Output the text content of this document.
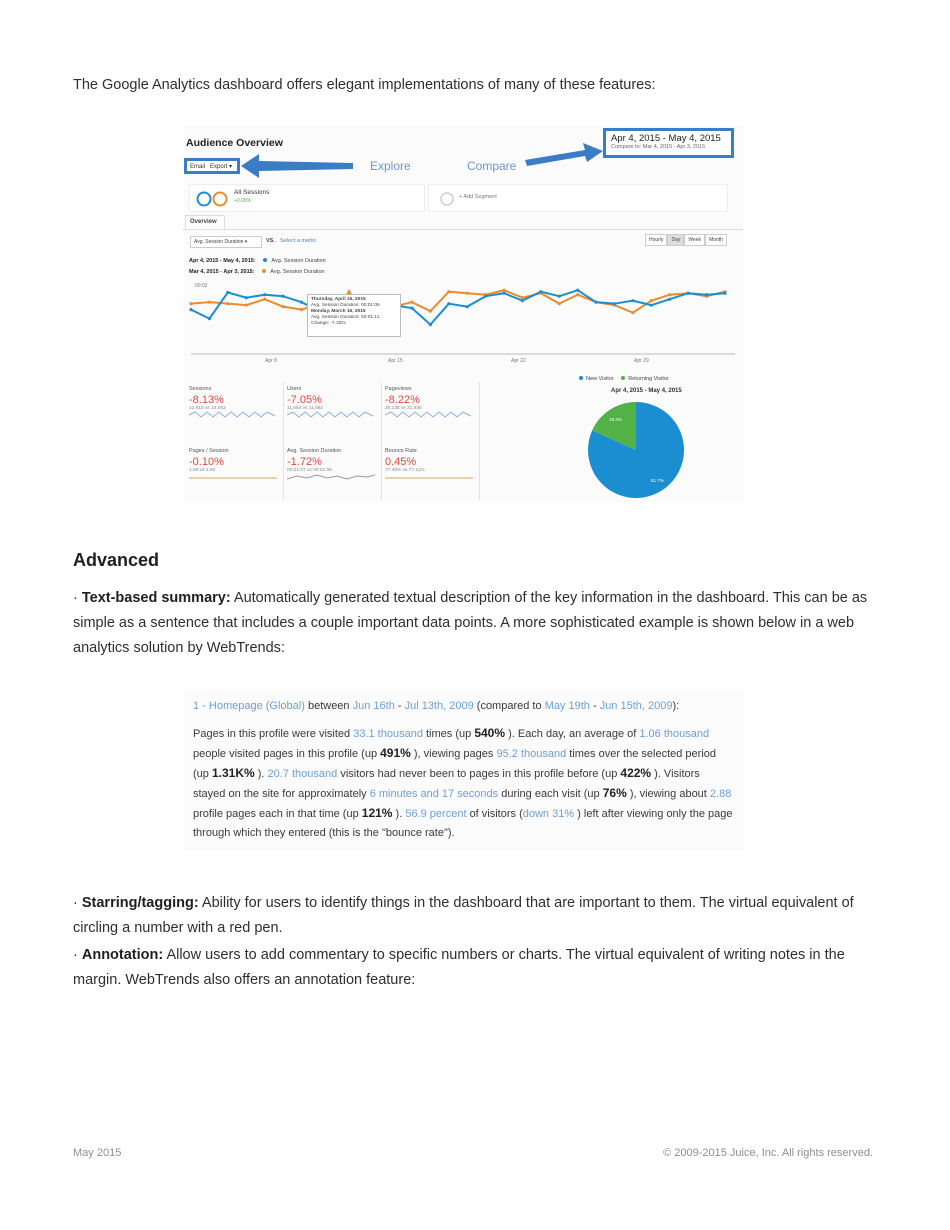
The Google Analytics dashboard offers elegant implementations of many of these features:
Audience Overview
Email Export ▾
Apr 4, 2015 - May 4, 2015
Compare to: Mar 4, 2015 - Apr 3, 2015
Explore	Compare
All Sessions
+0.00%
+ Add Segment
Overview
Avg. Session Duration ▾	VS. Select a metric	Hourly	Day	Week	Month
Apr 4, 2015 - May 4, 2015:	Avg. Session Duration
Mar 4, 2015 - Apr 3, 2015:	Avg. Session Duration
00:02
Apr 8	Apr 15	Apr 22	Apr 29
Thursday, April 16, 2015
Avg. Session Duration: 00:01:06
Monday, March 16, 2015
Avg. Session Duration: 00:01:11
Change: -7.33%
Sessions
-8.13%
12,910 vs 14,052
Users
-7.05%
11,054 vs 11,892
Pageviews
-8.22%
20,135 vs 21,938
Pages / Session
-0.10%
1.56 vs 1.56
Avg. Session Duration
-1.72%
00:01:07 vs 00:01:08
Bounce Rate
0.45%
77.46% vs 77.11%
New Visitor	Returning Visitor
Apr 4, 2015 - May 4, 2015
81.7%
18.3%
Advanced
· Text-based summary: Automatically generated textual description of the key information in the dashboard. This can be as simple as a sentence that includes a couple important data points. A more sophisticated example is shown below in a web analytics solution by WebTrends:
1 - Homepage (Global) between Jun 16th - Jul 13th, 2009 (compared to May 19th - Jun 15th, 2009):
Pages in this profile were visited 33.1 thousand times (up 540% ). Each day, an average of 1.06 thousand people visited pages in this profile (up 491% ), viewing pages 95.2 thousand times over the selected period (up 1.31K% ). 20.7 thousand visitors had never been to pages in this profile before (up 422% ). Visitors stayed on the site for approximately 6 minutes and 17 seconds during each visit (up 76% ), viewing about 2.88 profile pages each in that time (up 121% ). 56.9 percent of visitors (down 31% ) left after viewing only the page through which they entered (this is the "bounce rate").
· Starring/tagging: Ability for users to identify things in the dashboard that are important to them. The virtual equivalent of circling a number with a red pen.
· Annotation: Allow users to add commentary to specific numbers or charts. The virtual equivalent of writing notes in the margin. WebTrends also offers an annotation feature:
May 2015	© 2009-2015 Juice, Inc. All rights reserved.
